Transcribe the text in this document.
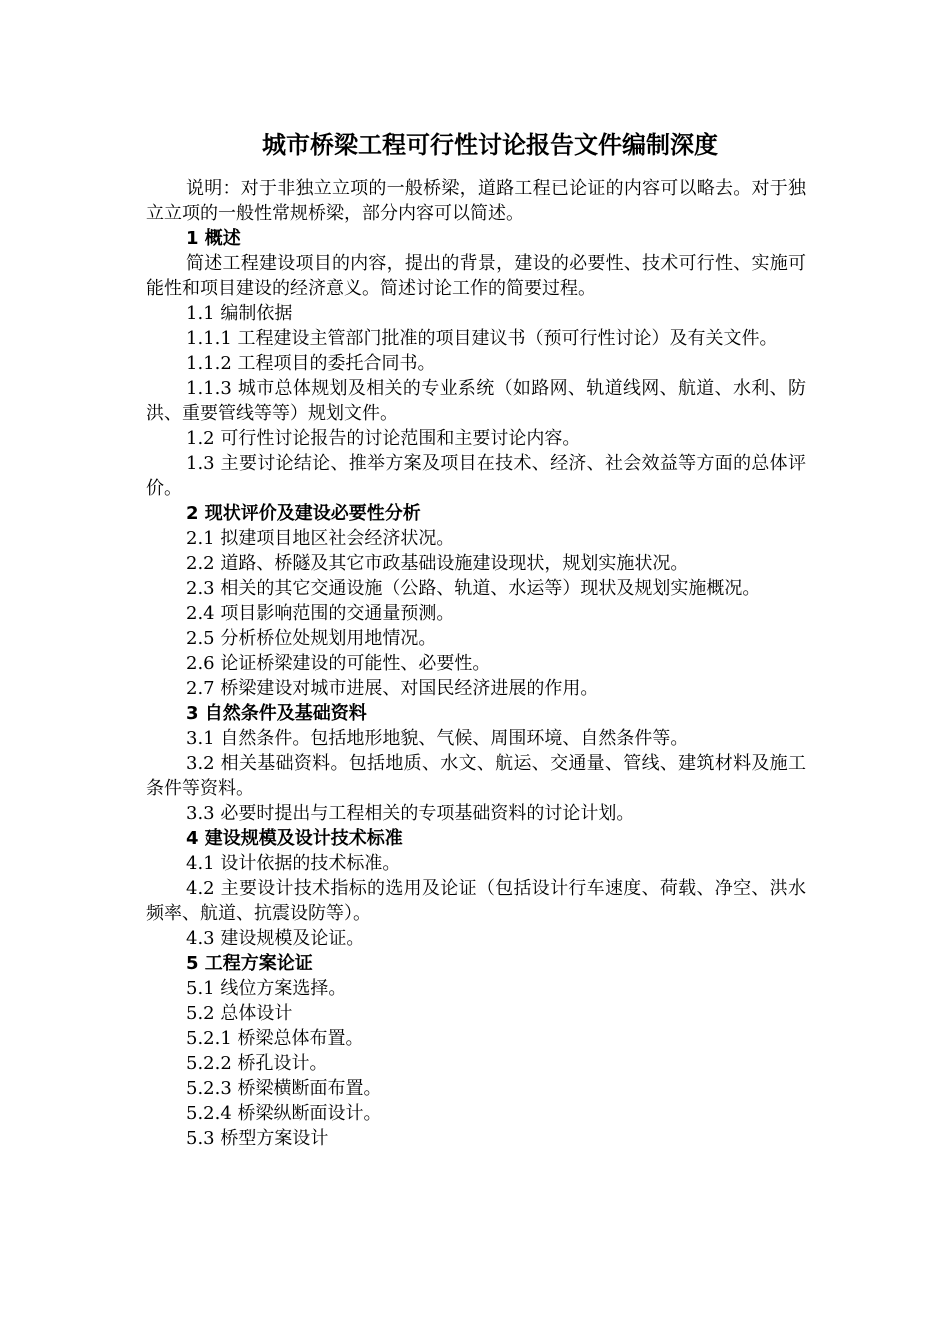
城市桥梁工程可行性讨论报告文件编制深度

说明：对于非独立立项的一般桥梁，道路工程已论证的内容可以略去。对于独立立项的一般性常规桥梁，部分内容可以简述。

1 概述

简述工程建设项目的内容，提出的背景，建设的必要性、技术可行性、实施可能性和项目建设的经济意义。简述讨论工作的简要过程。

1.1 编制依据

1.1.1 工程建设主管部门批准的项目建议书（预可行性讨论）及有关文件。

1.1.2 工程项目的委托合同书。

1.1.3 城市总体规划及相关的专业系统（如路网、轨道线网、航道、水利、防洪、重要管线等等）规划文件。

1.2 可行性讨论报告的讨论范围和主要讨论内容。

1.3 主要讨论结论、推举方案及项目在技术、经济、社会效益等方面的总体评价。

2 现状评价及建设必要性分析

2.1 拟建项目地区社会经济状况。

2.2 道路、桥隧及其它市政基础设施建设现状，规划实施状况。

2.3 相关的其它交通设施（公路、轨道、水运等）现状及规划实施概况。

2.4 项目影响范围的交通量预测。

2.5 分析桥位处规划用地情况。

2.6 论证桥梁建设的可能性、必要性。

2.7 桥梁建设对城市进展、对国民经济进展的作用。

3 自然条件及基础资料

3.1 自然条件。包括地形地貌、气候、周围环境、自然条件等。

3.2 相关基础资料。包括地质、水文、航运、交通量、管线、建筑材料及施工条件等资料。

3.3 必要时提出与工程相关的专项基础资料的讨论计划。

4 建设规模及设计技术标准

4.1 设计依据的技术标准。

4.2 主要设计技术指标的选用及论证（包括设计行车速度、荷载、净空、洪水频率、航道、抗震设防等）。

4.3 建设规模及论证。

5 工程方案论证

5.1 线位方案选择。

5.2 总体设计

5.2.1 桥梁总体布置。

5.2.2 桥孔设计。

5.2.3 桥梁横断面布置。

5.2.4 桥梁纵断面设计。

5.3 桥型方案设计
